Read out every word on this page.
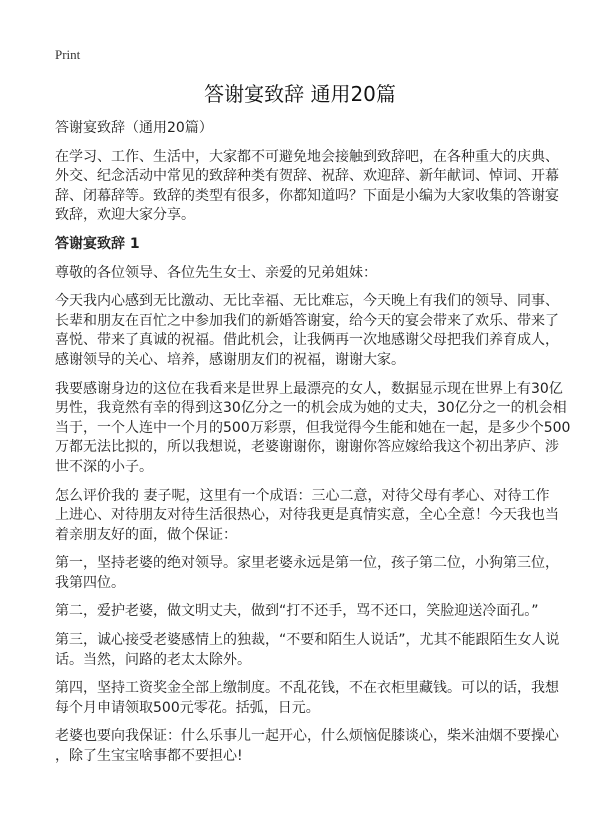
Print
答谢宴致辞 通用20篇

答谢宴致辞（通用20篇）

在学习、工作、生活中，大家都不可避免地会接触到致辞吧，在各种重大的庆典、
外交、纪念活动中常见的致辞种类有贺辞、祝辞、欢迎辞、新年献词、悼词、开幕
辞、闭幕辞等。致辞的类型有很多，你都知道吗？下面是小编为大家收集的答谢宴
致辞，欢迎大家分享。

答谢宴致辞 1

尊敬的各位领导、各位先生女士、亲爱的兄弟姐妹：

今天我内心感到无比激动、无比幸福、无比难忘，今天晚上有我们的领导、同事、
长辈和朋友在百忙之中参加我们的新婚答谢宴，给今天的宴会带来了欢乐、带来了
喜悦、带来了真诚的祝福。借此机会，让我俩再一次地感谢父母把我们养育成人，
感谢领导的关心、培养，感谢朋友们的祝福，谢谢大家。

我要感谢身边的这位在我看来是世界上最漂亮的女人，数据显示现在世界上有30亿
男性，我竟然有幸的得到这30亿分之一的机会成为她的丈夫，30亿分之一的机会相
当于，一个人连中一个月的500万彩票，但我觉得今生能和她在一起，是多少个500
万都无法比拟的，所以我想说，老婆谢谢你，谢谢你答应嫁给我这个初出茅庐、涉
世不深的小子。

怎么评价我的 妻子呢，这里有一个成语：三心二意，对待父母有孝心、对待工作
上进心、对待朋友对待生活很热心，对待我更是真情实意，全心全意！今天我也当
着亲朋友好的面，做个保证：

第一，坚持老婆的绝对领导。家里老婆永远是第一位，孩子第二位，小狗第三位，
我第四位。

第二，爱护老婆，做文明丈夫，做到“打不还手，骂不还口，笑脸迎送冷面孔。”

第三，诚心接受老婆感情上的独裁，“不要和陌生人说话”，尤其不能跟陌生女人说
话。当然，问路的老太太除外。

第四，坚持工资奖金全部上缴制度。不乱花钱，不在衣柜里藏钱。可以的话，我想
每个月申请领取500元零花。括弧，日元。

老婆也要向我保证：什么乐事儿一起开心，什么烦恼促膝谈心，柴米油烟不要操心
，除了生宝宝啥事都不要担心!
